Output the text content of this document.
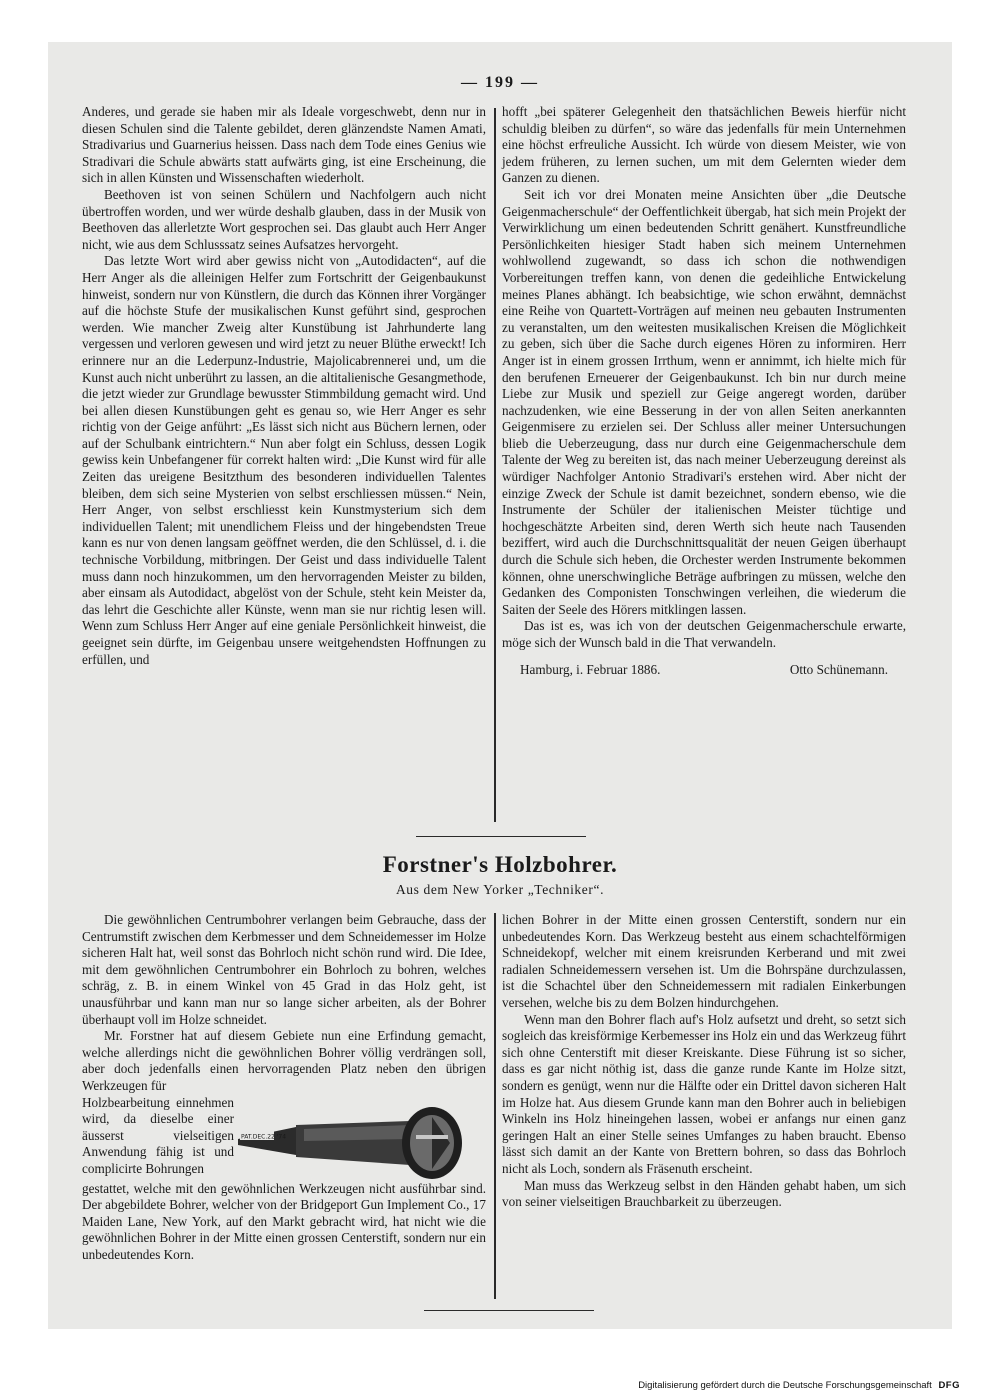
— 199 —

Anderes, und gerade sie haben mir als Ideale vorgeschwebt, denn nur in diesen Schulen sind die Talente gebildet, deren glänzendste Namen Amati, Stradivarius und Guarnerius heissen. Dass nach dem Tode eines Genius wie Stradivari die Schule abwärts statt aufwärts ging, ist eine Erscheinung, die sich in allen Künsten und Wissenschaften wiederholt.

Beethoven ist von seinen Schülern und Nachfolgern auch nicht übertroffen worden, und wer würde deshalb glauben, dass in der Musik von Beethoven das allerletzte Wort gesprochen sei. Das glaubt auch Herr Anger nicht, wie aus dem Schlusssatz seines Aufsatzes hervorgeht.

Das letzte Wort wird aber gewiss nicht von „Autodidacten“, auf die Herr Anger als die alleinigen Helfer zum Fortschritt der Geigenbaukunst hinweist, sondern nur von Künstlern, die durch das Können ihrer Vorgänger auf die höchste Stufe der musikalischen Kunst geführt sind, gesprochen werden. Wie mancher Zweig alter Kunstübung ist Jahrhunderte lang vergessen und verloren gewesen und wird jetzt zu neuer Blüthe erweckt! Ich erinnere nur an die Lederpunz-Industrie, Majolicabrennerei und, um die Kunst auch nicht unberührt zu lassen, an die altitalienische Gesangmethode, die jetzt wieder zur Grundlage bewusster Stimmbildung gemacht wird. Und bei allen diesen Kunstübungen geht es genau so, wie Herr Anger es sehr richtig von der Geige anführt: „Es lässt sich nicht aus Büchern lernen, oder auf der Schulbank eintrichtern.“ Nun aber folgt ein Schluss, dessen Logik gewiss kein Unbefangener für correkt halten wird: „Die Kunst wird für alle Zeiten das ureigene Besitzthum des besonderen individuellen Talentes bleiben, dem sich seine Mysterien von selbst erschliessen müssen.“ Nein, Herr Anger, von selbst erschliesst kein Kunstmysterium sich dem individuellen Talent; mit unendlichem Fleiss und der hingebendsten Treue kann es nur von denen langsam geöffnet werden, die den Schlüssel, d. i. die technische Vorbildung, mitbringen. Der Geist und dass individuelle Talent muss dann noch hinzukommen, um den hervorragenden Meister zu bilden, aber einsam als Autodidact, abgelöst von der Schule, steht kein Meister da, das lehrt die Geschichte aller Künste, wenn man sie nur richtig lesen will. Wenn zum Schluss Herr Anger auf eine geniale Persönlichkeit hinweist, die geeignet sein dürfte, im Geigenbau unsere weitgehendsten Hoffnungen zu erfüllen, und

hofft „bei späterer Gelegenheit den thatsächlichen Beweis hierfür nicht schuldig bleiben zu dürfen“, so wäre das jedenfalls für mein Unternehmen eine höchst erfreuliche Aussicht. Ich würde von diesem Meister, wie von jedem früheren, zu lernen suchen, um mit dem Gelernten wieder dem Ganzen zu dienen.

Seit ich vor drei Monaten meine Ansichten über „die Deutsche Geigenmacherschule“ der Oeffentlichkeit übergab, hat sich mein Projekt der Verwirklichung um einen bedeutenden Schritt genähert. Kunstfreundliche Persönlichkeiten hiesiger Stadt haben sich meinem Unternehmen wohlwollend zugewandt, so dass ich schon die nothwendigen Vorbereitungen treffen kann, von denen die gedeihliche Entwickelung meines Planes abhängt. Ich beabsichtige, wie schon erwähnt, demnächst eine Reihe von Quartett-Vorträgen auf meinen neu gebauten Instrumenten zu veranstalten, um den weitesten musikalischen Kreisen die Möglichkeit zu geben, sich über die Sache durch eigenes Hören zu informiren. Herr Anger ist in einem grossen Irrthum, wenn er annimmt, ich hielte mich für den berufenen Erneuerer der Geigenbaukunst. Ich bin nur durch meine Liebe zur Musik und speziell zur Geige angeregt worden, darüber nachzudenken, wie eine Besserung in der von allen Seiten anerkannten Geigenmisere zu erzielen sei. Der Schluss aller meiner Untersuchungen blieb die Ueberzeugung, dass nur durch eine Geigenmacherschule dem Talente der Weg zu bereiten ist, das nach meiner Ueberzeugung dereinst als würdiger Nachfolger Antonio Stradivari's erstehen wird. Aber nicht der einzige Zweck der Schule ist damit bezeichnet, sondern ebenso, wie die Instrumente der Schüler der italienischen Meister tüchtige und hochgeschätzte Arbeiten sind, deren Werth sich heute nach Tausenden beziffert, wird auch die Durchschnittsqualität der neuen Geigen überhaupt durch die Schule sich heben, die Orchester werden Instrumente bekommen können, ohne unerschwingliche Beträge aufbringen zu müssen, welche den Gedanken des Componisten Tonschwingen verleihen, die wiederum die Saiten der Seele des Hörers mitklingen lassen.

Das ist es, was ich von der deutschen Geigenmacherschule erwarte, möge sich der Wunsch bald in die That verwandeln.

Hamburg, i. Februar 1886.	Otto Schünemann.
Forstner's Holzbohrer.
Aus dem New Yorker „Techniker“.

Die gewöhnlichen Centrumbohrer verlangen beim Gebrauche, dass der Centrumstift zwischen dem Kerbmesser und dem Schneidemesser im Holze sicheren Halt hat, weil sonst das Bohrloch nicht schön rund wird. Die Idee, mit dem gewöhnlichen Centrumbohrer ein Bohrloch zu bohren, welches schräg, z. B. in einem Winkel von 45 Grad in das Holz geht, ist unausführbar und kann man nur so lange sicher arbeiten, als der Bohrer überhaupt voll im Holze schneidet.

Mr. Forstner hat auf diesem Gebiete nun eine Erfindung gemacht, welche allerdings nicht die gewöhnlichen Bohrer völlig verdrängen soll, aber doch jedenfalls einen hervorragenden Platz neben den übrigen Werkzeugen für

Holzbearbeitung einnehmen wird, da dieselbe einer äusserst vielseitigen Anwendung fähig ist und complicirte Bohrungen
PAT.DEC.22 '74

gestattet, welche mit den gewöhnlichen Werkzeugen nicht ausführbar sind. Der abgebildete Bohrer, welcher von der Bridgeport Gun Implement Co., 17 Maiden Lane, New York, auf den Markt gebracht wird, hat nicht wie die gewöhnlichen Bohrer in der Mitte einen grossen Centerstift, sondern nur ein unbedeutendes Korn.

lichen Bohrer in der Mitte einen grossen Centerstift, sondern nur ein unbedeutendes Korn. Das Werkzeug besteht aus einem schachtelförmigen Schneidekopf, welcher mit einem kreisrunden Kerberand und mit zwei radialen Schneidemessern versehen ist. Um die Bohrspäne durchzulassen, ist die Schachtel über den Schneidemessern mit radialen Einkerbungen versehen, welche bis zu dem Bolzen hindurchgehen.

Wenn man den Bohrer flach auf's Holz aufsetzt und dreht, so setzt sich sogleich das kreisförmige Kerbemesser ins Holz ein und das Werkzeug führt sich ohne Centerstift mit dieser Kreiskante. Diese Führung ist so sicher, dass es gar nicht nöthig ist, dass die ganze runde Kante im Holze sitzt, sondern es genügt, wenn nur die Hälfte oder ein Drittel davon sicheren Halt im Holze hat. Aus diesem Grunde kann man den Bohrer auch in beliebigen Winkeln ins Holz hineingehen lassen, wobei er anfangs nur einen ganz geringen Halt an einer Stelle seines Umfanges zu haben braucht. Ebenso lässt sich damit an der Kante von Brettern bohren, so dass das Bohrloch nicht als Loch, sondern als Fräsenuth erscheint.

Man muss das Werkzeug selbst in den Händen gehabt haben, um sich von seiner vielseitigen Brauchbarkeit zu überzeugen.

Digitalisierung gefördert durch die Deutsche Forschungsgemeinschaft DFG
